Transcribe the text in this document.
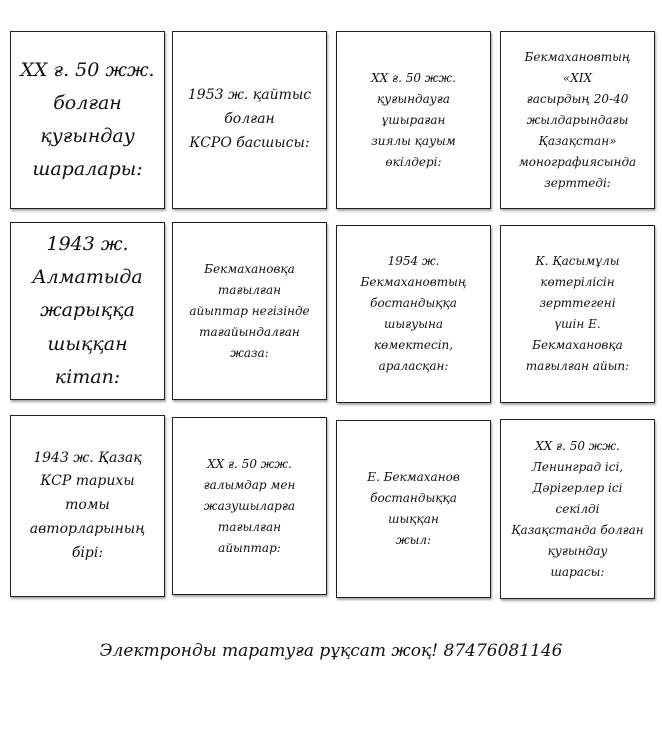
ХХ ғ. 50 жж.
болған қуғындау
шаралары:
1953 ж. қайтыс болған
КСРО басшысы:
ХХ ғ. 50 жж.
қуғындауға ұшыраған
зиялы қауым өкілдері:
Бекмахановтың «XIX
ғасырдың 20-40
жылдарындағы
Қазақстан»
монографиясында
зерттеді:
1943 ж.
Алматыда
жарыққа
шыққан кітап:
Бекмахановқа тағылған
айыптар негізінде
тағайындалған жаза:
1954 ж.
Бекмахановтың
бостандыққа шығуына
көмектесіп, араласқан:
К. Қасымұлы
көтерілісін зерттегені
үшін Е. Бекмахановқа
тағылған айып:
1943 ж. Қазақ
КСР тарихы
томы
авторларының
бірі:
ХХ ғ. 50 жж.
ғалымдар мен
жазушыларға тағылған
айыптар:
Е. Бекмаханов
бостандыққа шыққан
жыл:
ХХ ғ. 50 жж.
Ленинград ісі,
Дәрігерлер ісі секілді
Қазақстанда болған
қуғындау
шарасы:
Электронды таратуға рұқсат жоқ! 87476081146
